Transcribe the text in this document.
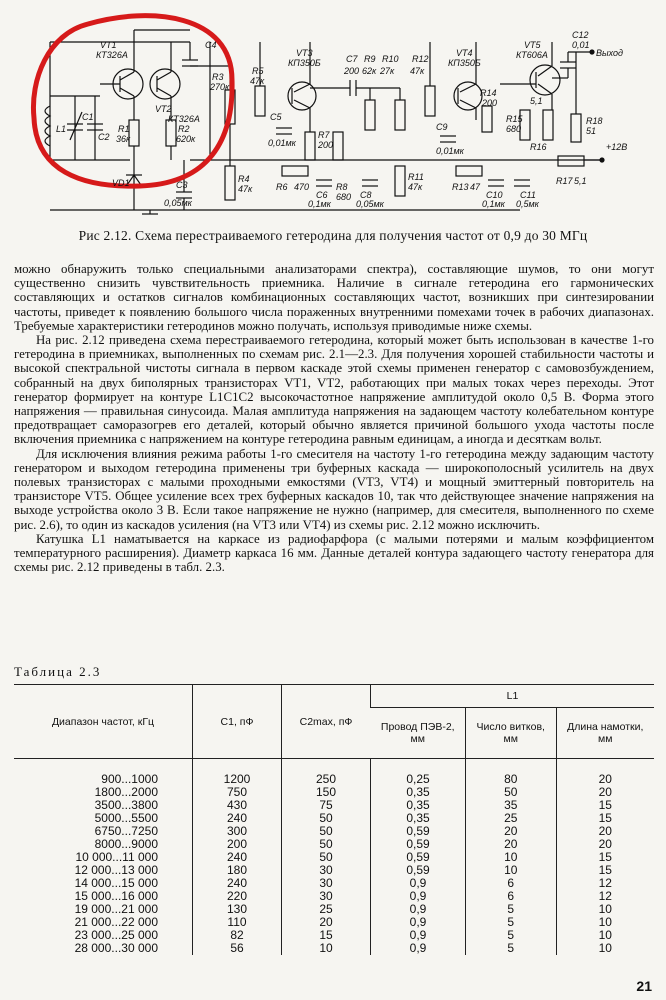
VT1
КТ326А
VT2
КТ326А
С4
R3
270к
R5
47к
VT3
КП350Б	С7
200
R9
62к
R10
27к
R12
47к
VT4
КП350Б
R14
200
VT5
КТ606А
С12
0,01
Выход
R1
36к
R2
620к
L1
С1
С2
VD1	С3
0,05мк
R4
47к
С5
0,01мк
R7
200
R6 470
С6
0,1мк
R8
680 С8
0,05мк
R11
47к
С9
0,01мк
R13 47
С10
0,1мк
R15
680
R16
5,1
R18
51
С11
0,5мк
R17 5,1
+12В
Рис 2.12. Схема перестраиваемого гетеродина для получения частот от 0,9 до 30 МГц

можно обнаружить только специальными анализаторами спектра), составляющие шумов, то они могут существенно снизить чувствительность приемника. Наличие в сигнале гетеродина его гармонических составляющих и остатков сигналов комбинационных составляющих частот, возникших при синтезировании частоты, приведет к появлению большого числа пораженных внутренними помехами точек в рабочих диапазонах. Требуемые характеристики гетеродинов можно получать, используя приводимые ниже схемы.

На рис. 2.12 приведена схема перестраиваемого гетеродина, который может быть использован в качестве 1-го гетеродина в приемниках, выполненных по схемам рис. 2.1—2.3. Для получения хорошей стабильности частоты и высокой спектральной чистоты сигнала в первом каскаде этой схемы применен генератор с самовозбуждением, собранный на двух биполярных транзисторах VT1, VT2, работающих при малых токах через переходы. Этот генератор формирует на контуре L1C1C2 высокочастотное напряжение амплитудой около 0,5 В. Форма этого напряжения — правильная синусоида. Малая амплитуда напряжения на задающем частоту колебательном контуре предотвращает саморазогрев его деталей, который обычно является причиной большого ухода частоты после включения приемника с напряжением на контуре гетеродина равным единицам, а иногда и десяткам вольт.

Для исключения влияния режима работы 1-го смесителя на частоту 1-го гетеродина между задающим частоту генератором и выходом гетеродина применены три буферных каскада — широкополосный усилитель на двух полевых транзисторах с малыми проходными емкостями (VT3, VT4) и мощный эмиттерный повторитель на транзисторе VT5. Общее усиление всех трех буферных каскадов 10, так что действующее значение напряжения на выходе устройства около 3 В. Если такое напряжение не нужно (например, для смесителя, выполненного по схеме рис. 2.6), то один из каскадов усиления (на VT3 или VT4) из схемы рис. 2.12 можно исключить.

Катушка L1 наматывается на каркасе из радиофарфора (с малыми потерями и малым коэффициентом температурного расширения). Диаметр каркаса 16 мм. Данные деталей контура задающего частоту генератора для схемы рис. 2.12 приведены в табл. 2.3.

Таблица 2.3
Диапазон частот, кГц	С1, пФ	С2max, пФ	L1		
			Провод ПЭВ-2, мм	Число витков, мм	Длина намотки, мм
900...1000	1200	250	0,25	80	20
1800...2000	750	150	0,35	50	20
3500...3800	430	75	0,35	35	15
5000...5500	240	50	0,35	25	15
6750...7250	300	50	0,59	20	20
8000...9000	200	50	0,59	20	20
10 000...11 000	240	50	0,59	10	15
12 000...13 000	180	30	0,59	10	15
14 000...15 000	240	30	0,9	6	12
15 000...16 000	220	30	0,9	6	12
19 000...21 000	130	25	0,9	5	10
21 000...22 000	110	20	0,9	5	10
23 000...25 000	82	15	0,9	5	10
28 000...30 000	56	10	0,9	5	10
21
